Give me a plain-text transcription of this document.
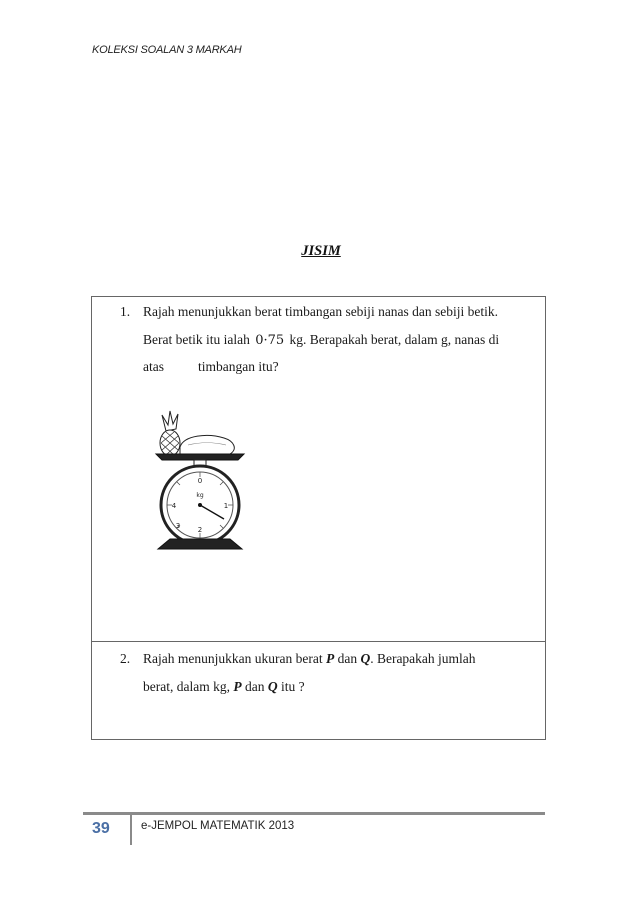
KOLEKSI SOALAN 3 MARKAH
JISIM
1. Rajah menunjukkan berat timbangan sebiji nanas dan sebiji betik.
Berat betik itu ialah 0·75 kg. Berapakah berat, dalam g, nanas di
atas	timbangan itu?
0
1
2
3
4
kg
2. Rajah menunjukkan ukuran berat P dan Q. Berapakah jumlah
berat, dalam kg, P dan Q itu ?
39	e-JEMPOL MATEMATIK 2013
